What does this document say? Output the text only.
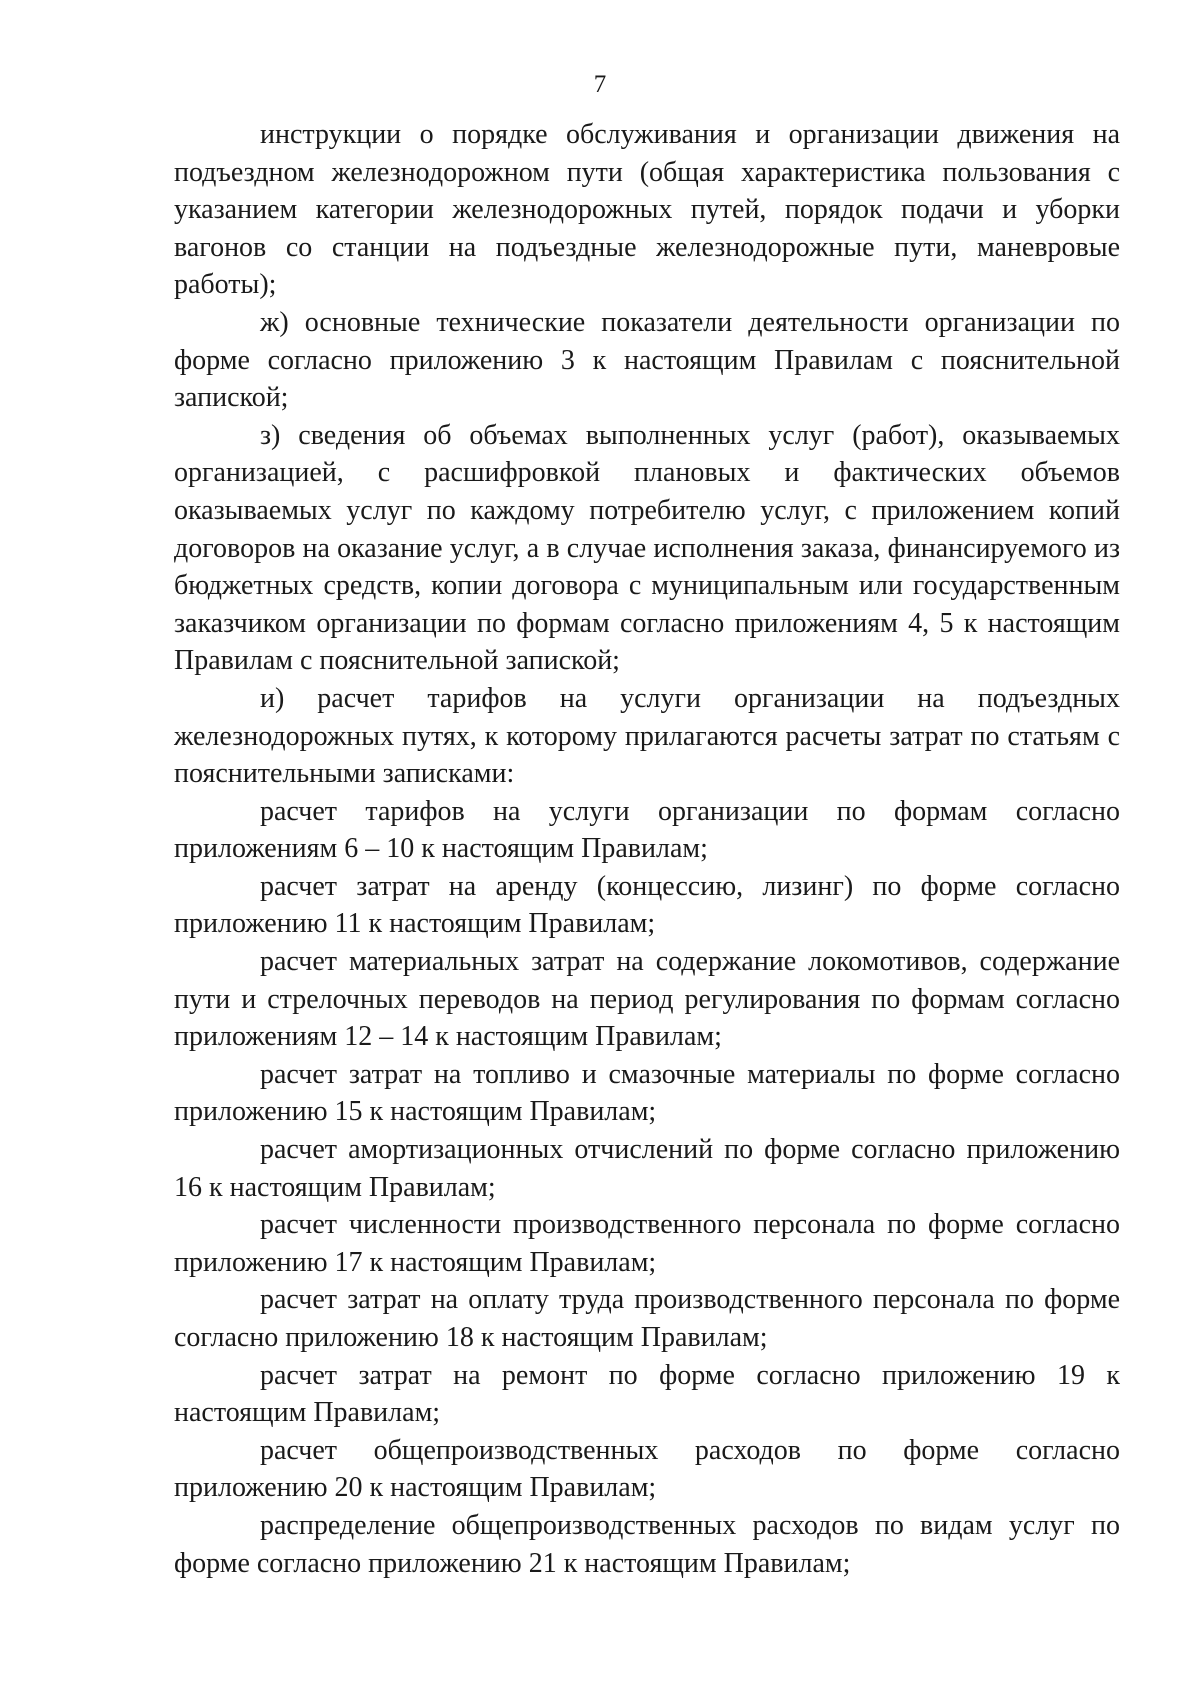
7

инструкции о порядке обслуживания и организации движения на подъездном железнодорожном пути (общая характеристика пользования с указанием категории железнодорожных путей, порядок подачи и уборки вагонов со станции на подъездные железнодорожные пути, маневровые работы);

ж) основные технические показатели деятельности организации по форме согласно приложению 3 к настоящим Правилам с пояснительной запиской;

з) сведения об объемах выполненных услуг (работ), оказываемых организацией, с расшифровкой плановых и фактических объемов оказываемых услуг по каждому потребителю услуг, с приложением копий договоров на оказание услуг, а в случае исполнения заказа, финансируемого из бюджетных средств, копии договора с муниципальным или государственным заказчиком организации по формам согласно приложениям 4, 5 к настоящим Правилам с пояснительной запиской;

и) расчет тарифов на услуги организации на подъездных железнодорожных путях, к которому прилагаются расчеты затрат по статьям с пояснительными записками:

расчет тарифов на услуги организации по формам согласно приложениям 6 – 10 к настоящим Правилам;

расчет затрат на аренду (концессию, лизинг) по форме согласно приложению 11 к настоящим Правилам;

расчет материальных затрат на содержание локомотивов, содержание пути и стрелочных переводов на период регулирования по формам согласно приложениям 12 – 14 к настоящим Правилам;

расчет затрат на топливо и смазочные материалы по форме согласно приложению 15 к настоящим Правилам;

расчет амортизационных отчислений по форме согласно приложению 16 к настоящим Правилам;

расчет численности производственного персонала по форме согласно приложению 17 к настоящим Правилам;

расчет затрат на оплату труда производственного персонала по форме согласно приложению 18 к настоящим Правилам;

расчет затрат на ремонт по форме согласно приложению 19 к настоящим Правилам;

расчет общепроизводственных расходов по форме согласно приложению 20 к настоящим Правилам;

распределение общепроизводственных расходов по видам услуг по форме согласно приложению 21 к настоящим Правилам;
